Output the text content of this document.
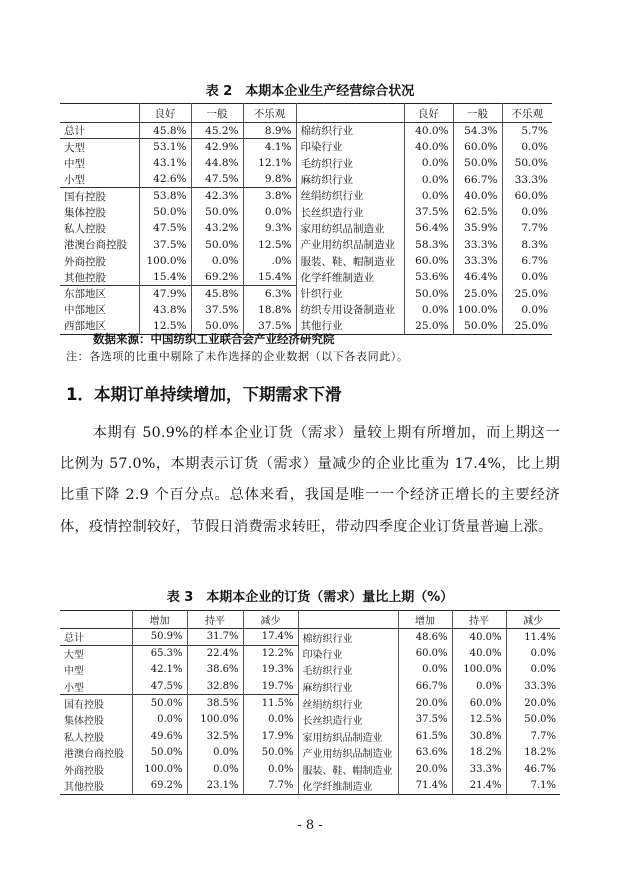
表 2　本期本企业生产经营综合状况
	良好	一般	不乐观		良好	一般	不乐观
总计	45.8%	45.2%	8.9%	棉纺织行业	40.0%	54.3%	5.7%
大型	53.1%	42.9%	4.1%	印染行业	40.0%	60.0%	0.0%
中型	43.1%	44.8%	12.1%	毛纺织行业	0.0%	50.0%	50.0%
小型	42.6%	47.5%	9.8%	麻纺织行业	0.0%	66.7%	33.3%
国有控股	53.8%	42.3%	3.8%	丝绢纺织行业	0.0%	40.0%	60.0%
集体控股	50.0%	50.0%	0.0%	长丝织造行业	37.5%	62.5%	0.0%
私人控股	47.5%	43.2%	9.3%	家用纺织品制造业	56.4%	35.9%	7.7%
港澳台商控股	37.5%	50.0%	12.5%	产业用纺织品制造业	58.3%	33.3%	8.3%
外商控股	100.0%	0.0%	.0%	服装、鞋、帽制造业	60.0%	33.3%	6.7%
其他控股	15.4%	69.2%	15.4%	化学纤维制造业	53.6%	46.4%	0.0%
东部地区	47.9%	45.8%	6.3%	针织行业	50.0%	25.0%	25.0%
中部地区	43.8%	37.5%	18.8%	纺织专用设备制造业	0.0%	100.0%	0.0%
西部地区	12.5%	50.0%	37.5%	其他行业	25.0%	50.0%	25.0%
数据来源：中国纺织工业联合会产业经济研究院
注：各选项的比重中剔除了未作选择的企业数据（以下各表同此）。
1．本期订单持续增加，下期需求下滑
本期有 50.9%的样本企业订货（需求）量较上期有所增加，而上期这一比例为 57.0%，本期表示订货（需求）量减少的企业比重为 17.4%，比上期比重下降 2.9 个百分点。总体来看，我国是唯一一个经济正增长的主要经济体，疫情控制较好，节假日消费需求转旺，带动四季度企业订货量普遍上涨。
表 3　本期本企业的订货（需求）量比上期（%）
	增加	持平	减少		增加	持平	减少
总计	50.9%	31.7%	17.4%	棉纺织行业	48.6%	40.0%	11.4%
大型	65.3%	22.4%	12.2%	印染行业	60.0%	40.0%	0.0%
中型	42.1%	38.6%	19.3%	毛纺织行业	0.0%	100.0%	0.0%
小型	47.5%	32.8%	19.7%	麻纺织行业	66.7%	0.0%	33.3%
国有控股	50.0%	38.5%	11.5%	丝绢纺织行业	20.0%	60.0%	20.0%
集体控股	0.0%	100.0%	0.0%	长丝织造行业	37.5%	12.5%	50.0%
私人控股	49.6%	32.5%	17.9%	家用纺织品制造业	61.5%	30.8%	7.7%
港澳台商控股	50.0%	0.0%	50.0%	产业用纺织品制造业	63.6%	18.2%	18.2%
外商控股	100.0%	0.0%	0.0%	服装、鞋、帽制造业	20.0%	33.3%	46.7%
其他控股	69.2%	23.1%	7.7%	化学纤维制造业	71.4%	21.4%	7.1%
- 8 -
